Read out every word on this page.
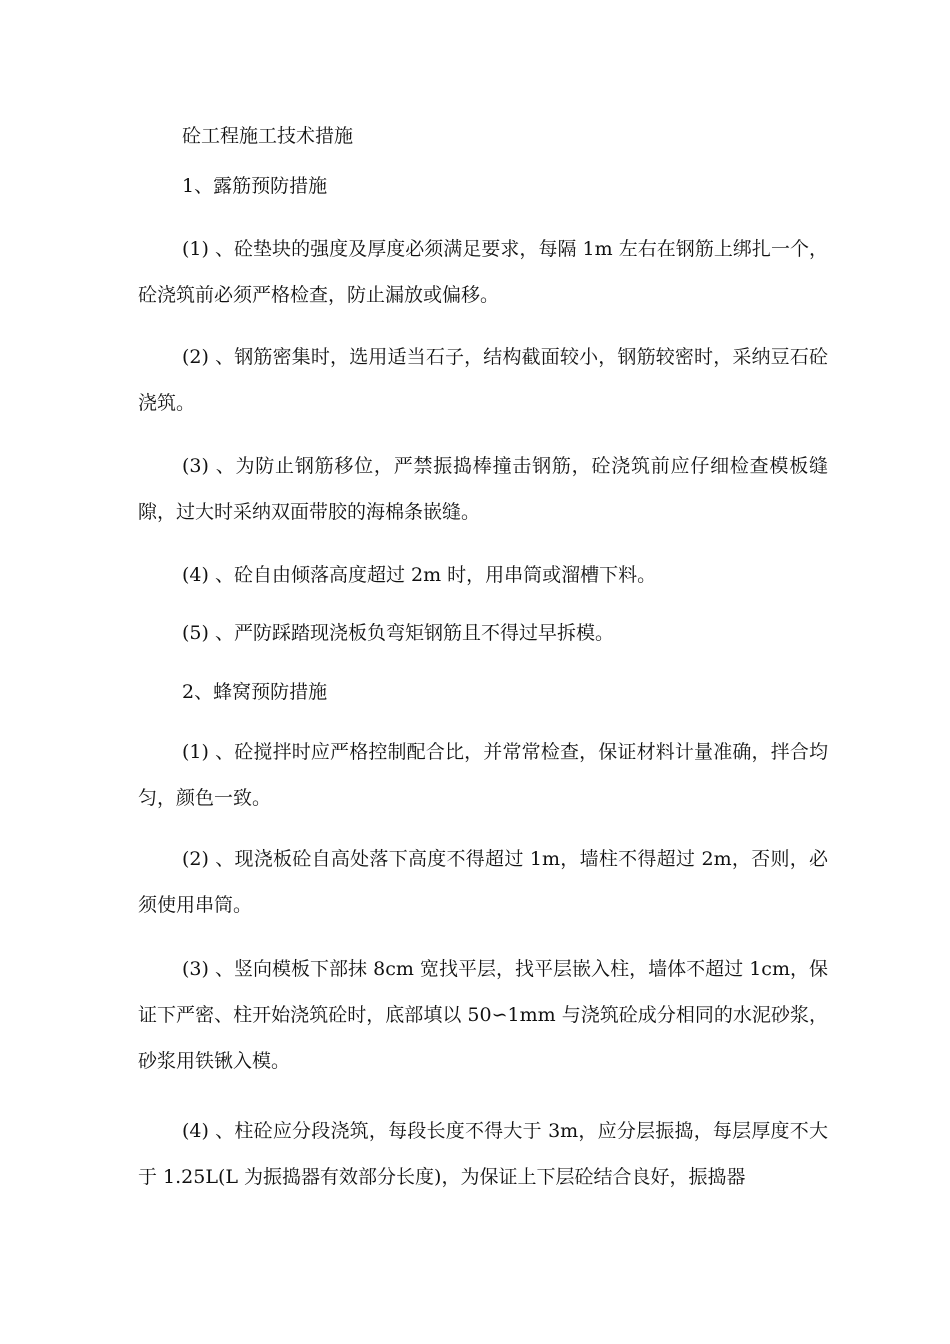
砼工程施工技术措施

1、露筋预防措施

(1) 、砼垫块的强度及厚度必须满足要求，每隔 1m 左右在钢筋上绑扎一个，砼浇筑前必须严格检查，防止漏放或偏移。

(2) 、钢筋密集时，选用适当石子，结构截面较小，钢筋较密时，采纳豆石砼浇筑。

(3) 、为防止钢筋移位，严禁振捣棒撞击钢筋，砼浇筑前应仔细检查模板缝隙，过大时采纳双面带胶的海棉条嵌缝。

(4) 、砼自由倾落高度超过 2m 时，用串筒或溜槽下料。

(5) 、严防踩踏现浇板负弯矩钢筋且不得过早拆模。

2、蜂窝预防措施

(1) 、砼搅拌时应严格控制配合比，并常常检查，保证材料计量准确，拌合均匀，颜色一致。

(2) 、现浇板砼自高处落下高度不得超过 1m，墙柱不得超过 2m，否则，必须使用串筒。

(3) 、竖向模板下部抹 8cm 宽找平层，找平层嵌入柱，墙体不超过 1cm，保证下严密、柱开始浇筑砼时，底部填以 50∽1mm 与浇筑砼成分相同的水泥砂浆，砂浆用铁锹入模。

(4) 、柱砼应分段浇筑，每段长度不得大于 3m，应分层振捣，每层厚度不大于 1.25L(L 为振捣器有效部分长度)，为保证上下层砼结合良好，振捣器
